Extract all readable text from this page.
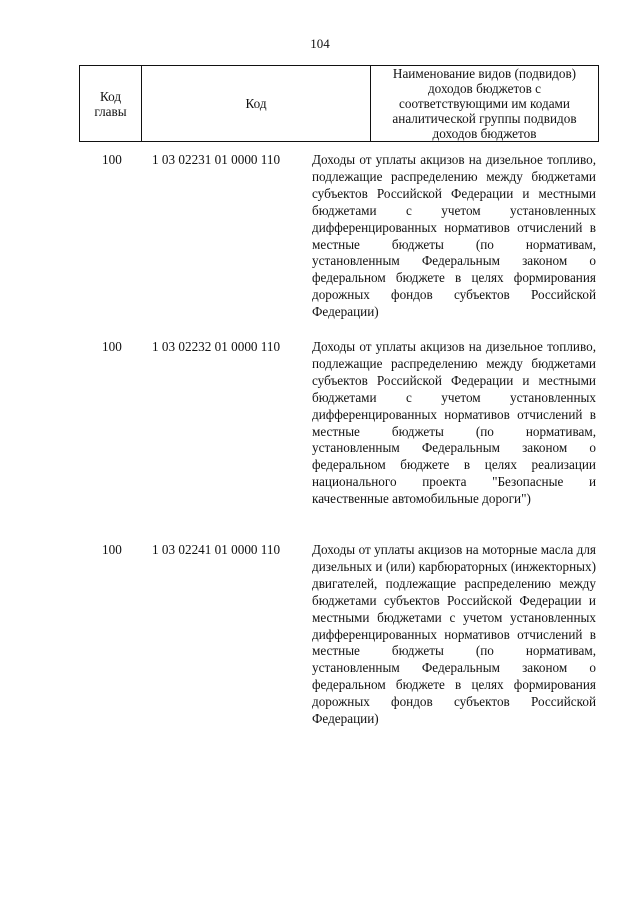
104
Код главы	Код	Наименование видов (подвидов) доходов бюджетов с соответствующими им кодами аналитической группы подвидов доходов бюджетов
100	1 03 02231 01 0000 110	Доходы от уплаты акцизов на дизельное топливо, подлежащие распределению между бюджетами субъектов Российской Федерации и местными бюджетами с учетом установленных дифференцированных нормативов отчислений в местные бюджеты (по нормативам, установленным Федеральным законом о федеральном бюджете в целях формирования дорожных фондов субъектов Российской Федерации)
100	1 03 02232 01 0000 110	Доходы от уплаты акцизов на дизельное топливо, подлежащие распределению между бюджетами субъектов Российской Федерации и местными бюджетами с учетом установленных дифференцированных нормативов отчислений в местные бюджеты (по нормативам, установленным Федеральным законом о федеральном бюджете в целях реализации национального проекта "Безопасные и качественные автомобильные дороги")
100	1 03 02241 01 0000 110	Доходы от уплаты акцизов на моторные масла для дизельных и (или) карбюраторных (инжекторных) двигателей, подлежащие распределению между бюджетами субъектов Российской Федерации и местными бюджетами с учетом установленных дифференцированных нормативов отчислений в местные бюджеты (по нормативам, установленным Федеральным законом о федеральном бюджете в целях формирования дорожных фондов субъектов Российской Федерации)
